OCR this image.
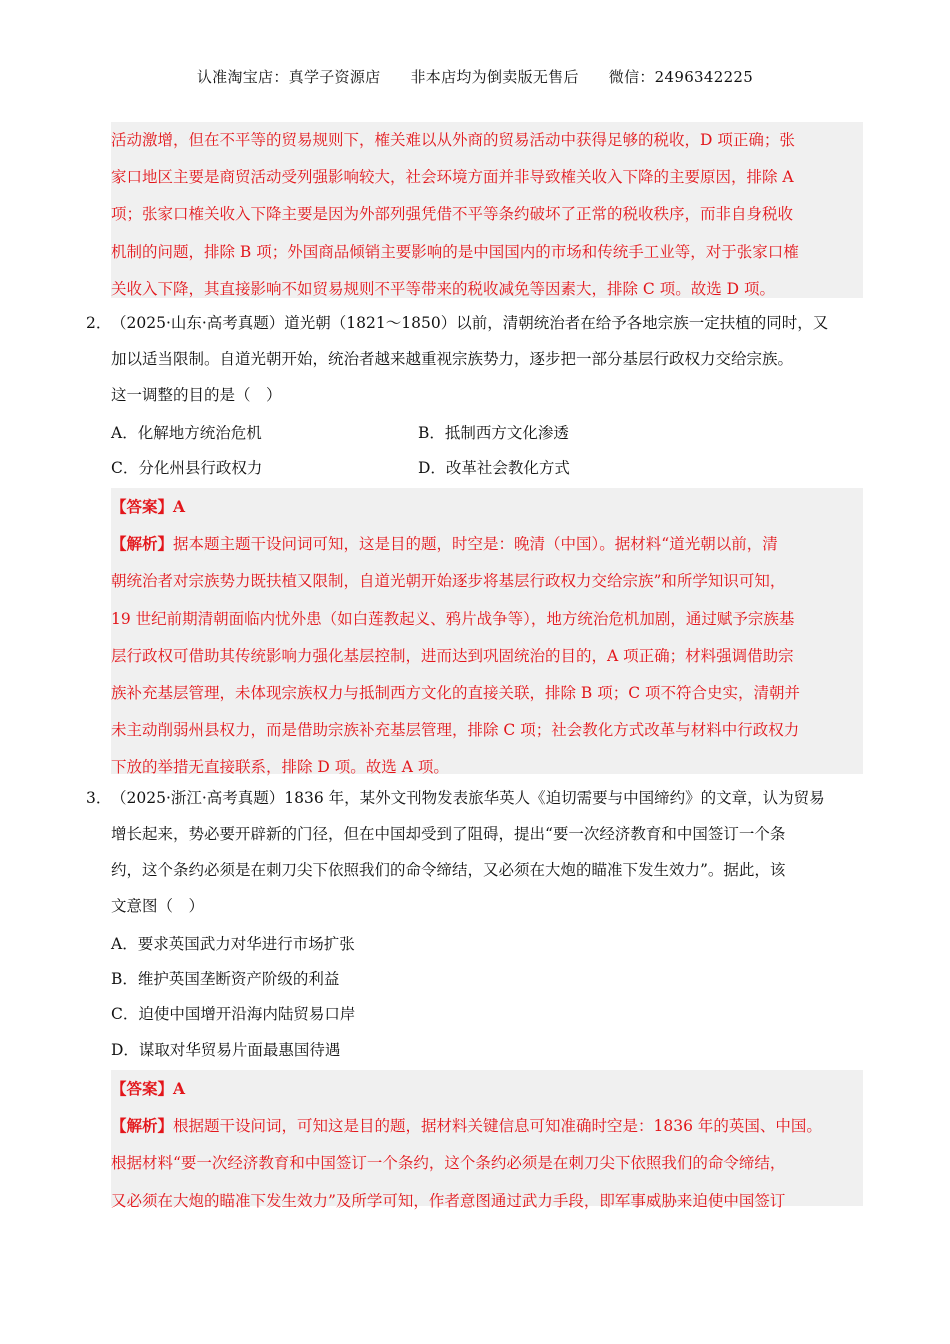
认准淘宝店：真学子资源店 非本店均为倒卖版无售后 微信：2496342225

活动激增，但在不平等的贸易规则下，榷关难以从外商的贸易活动中获得足够的税收，D 项正确；张

家口地区主要是商贸活动受列强影响较大，社会环境方面并非导致榷关收入下降的主要原因，排除 A

项；张家口榷关收入下降主要是因为外部列强凭借不平等条约破坏了正常的税收秩序，而非自身税收

机制的问题，排除 B 项；外国商品倾销主要影响的是中国国内的市场和传统手工业等，对于张家口榷

关收入下降，其直接影响不如贸易规则不平等带来的税收减免等因素大，排除 C 项。故选 D 项。

2． （2025·山东·高考真题）道光朝（1821～1850）以前，清朝统治者在给予各地宗族一定扶植的同时，又

加以适当限制。自道光朝开始，统治者越来越重视宗族势力，逐步把一部分基层行政权力交给宗族。

这一调整的目的是（　）

A．化解地方统治危机	B．抵制西方文化渗透
C．分化州县行政权力	D．改革社会教化方式

【答案】A

【解析】据本题主题干设问词可知，这是目的题，时空是：晚清（中国）。据材料“道光朝以前，清

朝统治者对宗族势力既扶植又限制，自道光朝开始逐步将基层行政权力交给宗族”和所学知识可知，

19 世纪前期清朝面临内忧外患（如白莲教起义、鸦片战争等），地方统治危机加剧，通过赋予宗族基

层行政权可借助其传统影响力强化基层控制，进而达到巩固统治的目的，A 项正确；材料强调借助宗

族补充基层管理，未体现宗族权力与抵制西方文化的直接关联，排除 B 项；C 项不符合史实，清朝并

未主动削弱州县权力，而是借助宗族补充基层管理，排除 C 项；社会教化方式改革与材料中行政权力

下放的举措无直接联系，排除 D 项。故选 A 项。

3． （2025·浙江·高考真题）1836 年，某外文刊物发表旅华英人《迫切需要与中国缔约》的文章，认为贸易

增长起来，势必要开辟新的门径，但在中国却受到了阻碍，提出“要一次经济教育和中国签订一个条

约，这个条约必须是在刺刀尖下依照我们的命令缔结，又必须在大炮的瞄准下发生效力”。据此，该

文意图（　）

A．要求英国武力对华进行市场扩张
B．维护英国垄断资产阶级的利益
C．迫使中国增开沿海内陆贸易口岸
D．谋取对华贸易片面最惠国待遇

【答案】A

【解析】根据题干设问词，可知这是目的题，据材料关键信息可知准确时空是：1836 年的英国、中国。

根据材料“要一次经济教育和中国签订一个条约，这个条约必须是在刺刀尖下依照我们的命令缔结，

又必须在大炮的瞄准下发生效力”及所学可知，作者意图通过武力手段，即军事威胁来迫使中国签订
